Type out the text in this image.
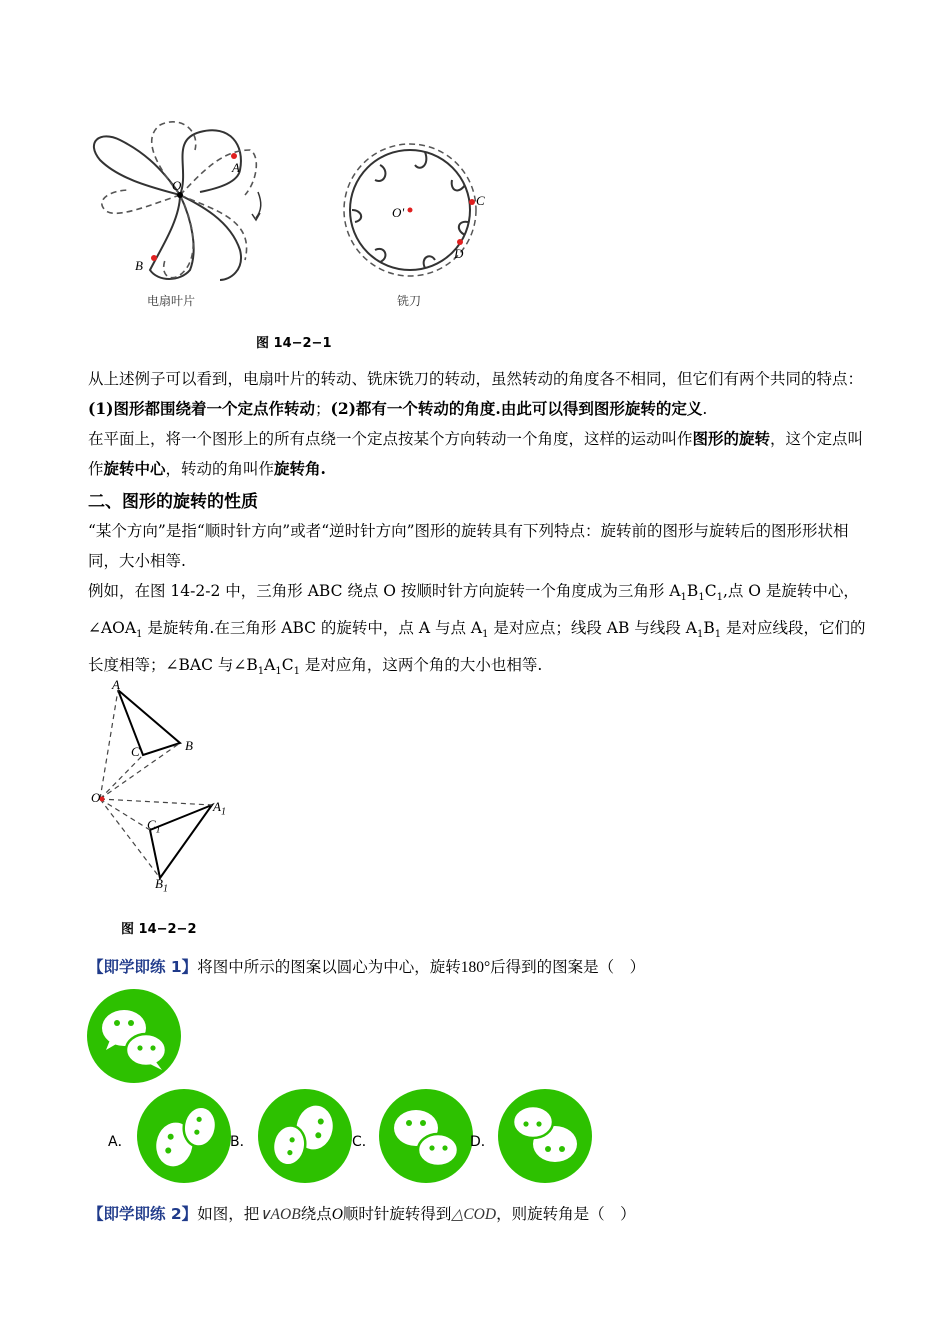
A
B
O
C
D
O'
电扇叶片	铣刀
图 14−2−1
从上述例子可以看到，电扇叶片的转动、铣床铣刀的转动，虽然转动的角度各不相同，但它们有两个共同的特点：(1)图形都围绕着一个定点作转动；(2)都有一个转动的角度.由此可以得到图形旋转的定义.
在平面上，将一个图形上的所有点绕一个定点按某个方向转动一个角度，这样的运动叫作图形的旋转，这个定点叫作旋转中心，转动的角叫作旋转角.
二、图形的旋转的性质
“某个方向”是指“顺时针方向”或者“逆时针方向”图形的旋转具有下列特点：旋转前的图形与旋转后的图形形状相同，大小相等.
例如，在图 14-2-2 中，三角形 ABC 绕点 O 按顺时针方向旋转一个角度成为三角形 $A_1B_1C_1$,点 O 是旋转中心，$\angle AOA_1$ 是旋转角.在三角形 ABC 的旋转中，点 A 与点 $A_1$ 是对应点；线段 AB 与线段 $A_1B_1$ 是对应线段，它们的长度相等；∠BAC 与$\angle B_1A_1C_1$ 是对应角，这两个角的大小也相等.
A
B
C
O
$A_1$
$C_1$
$B_1$
图 14−2−2
【即学即练 1】将图中所示的图案以圆心为中心，旋转180°后得到的图案是（　）
A．	B．	C．	D．
【即学即练 2】如图，把∨AOB绕点O顺时针旋转得到△COD，则旋转角是（　）
